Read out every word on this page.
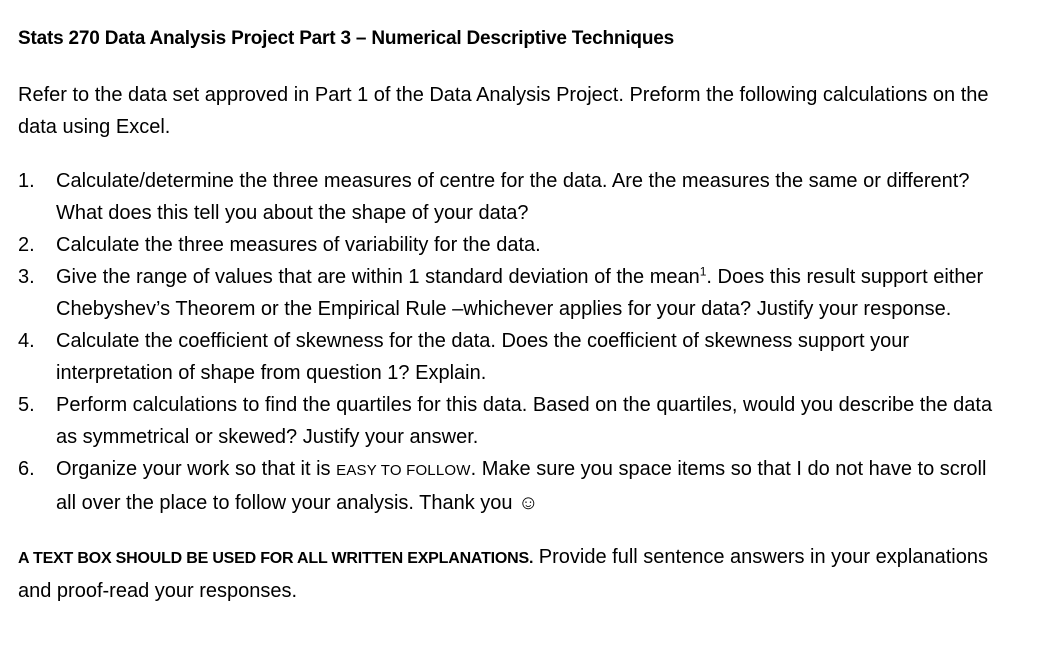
Stats 270 Data Analysis Project Part 3 – Numerical Descriptive Techniques

Refer to the data set approved in Part 1 of the Data Analysis Project. Preform the following calculations on the data using Excel.

1.	Calculate/determine the three measures of centre for the data. Are the measures the same or different? What does this tell you about the shape of your data?
2.	Calculate the three measures of variability for the data.
3.	Give the range of values that are within 1 standard deviation of the mean$^1$. Does this result support either Chebyshev’s Theorem or the Empirical Rule –whichever applies for your data? Justify your response.
4.	Calculate the coefficient of skewness for the data. Does the coefficient of skewness support your interpretation of shape from question 1? Explain.
5.	Perform calculations to find the quartiles for this data. Based on the quartiles, would you describe the data as symmetrical or skewed? Justify your answer.
6.	Organize your work so that it is EASY TO FOLLOW. Make sure you space items so that I do not have to scroll all over the place to follow your analysis. Thank you ☺

A TEXT BOX SHOULD BE USED FOR ALL WRITTEN EXPLANATIONS. Provide full sentence answers in your explanations and proof-read your responses.
